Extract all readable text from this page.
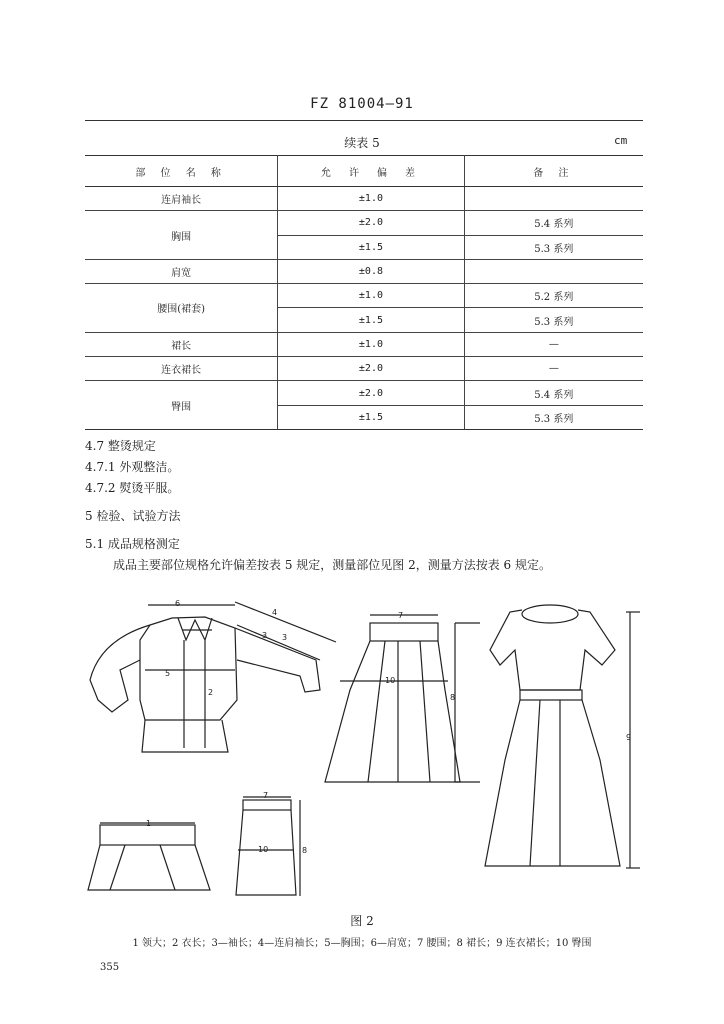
FZ 81004—91
续表 5	cm
部 位 名 称	允 许 偏 差	备 注
连肩袖长	±1.0	
胸围	±2.0	5.4 系列
	±1.5	5.3 系列
肩宽	±0.8	
腰围(裙套)	±1.0	5.2 系列
	±1.5	5.3 系列
裙长	±1.0	—
连衣裙长	±2.0	—
臀围	±2.0	5.4 系列
	±1.5	5.3 系列
4.7 整烫规定
4.7.1 外观整洁。
4.7.2 熨烫平服。
5 检验、试验方法
5.1 成品规格测定
成品主要部位规格允许偏差按表 5 规定，测量部位见图 2，测量方法按表 6 规定。
6
4
3 3
5
2
7
10
8
9
1
7
10	8
图 2
1 领大；2 衣长；3—袖长；4—连肩袖长；5—胸围；6—肩宽；7 腰围；8 裙长；9 连衣裙长；10 臀围
355
